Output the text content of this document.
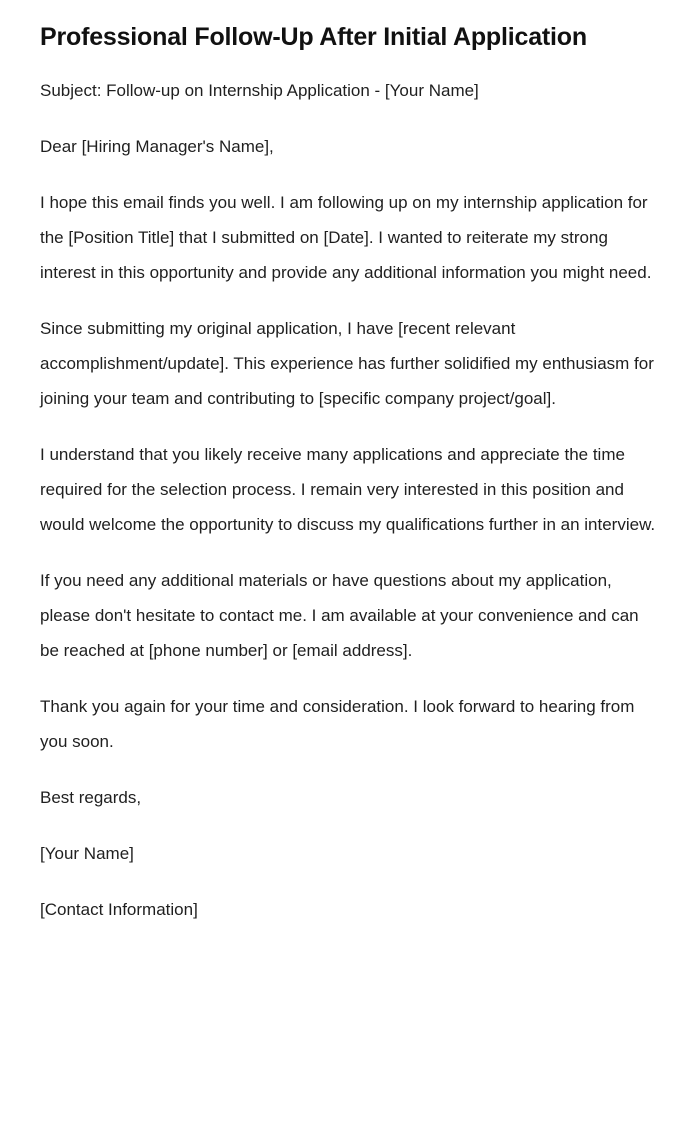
Professional Follow-Up After Initial Application

Subject: Follow-up on Internship Application - [Your Name]

Dear [Hiring Manager's Name],

I hope this email finds you well. I am following up on my internship application for the [Position Title] that I submitted on [Date]. I wanted to reiterate my strong interest in this opportunity and provide any additional information you might need.

Since submitting my original application, I have [recent relevant accomplishment/update]. This experience has further solidified my enthusiasm for joining your team and contributing to [specific company project/goal].

I understand that you likely receive many applications and appreciate the time required for the selection process. I remain very interested in this position and would welcome the opportunity to discuss my qualifications further in an interview.

If you need any additional materials or have questions about my application, please don't hesitate to contact me. I am available at your convenience and can be reached at [phone number] or [email address].

Thank you again for your time and consideration. I look forward to hearing from you soon.

Best regards,

[Your Name]

[Contact Information]
